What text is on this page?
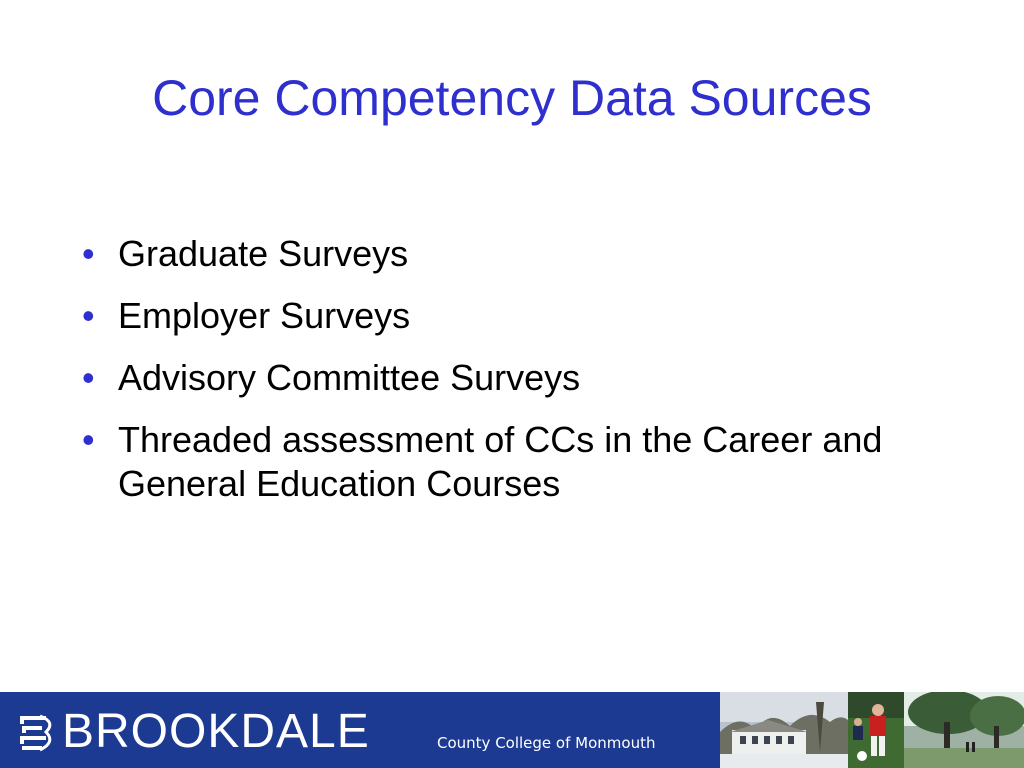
Core Competency Data Sources
• Graduate Surveys
• Employer Surveys
• Advisory Committee Surveys
• Threaded assessment of CCs in the Career and General Education Courses
BROOKDALE	County College of Monmouth
